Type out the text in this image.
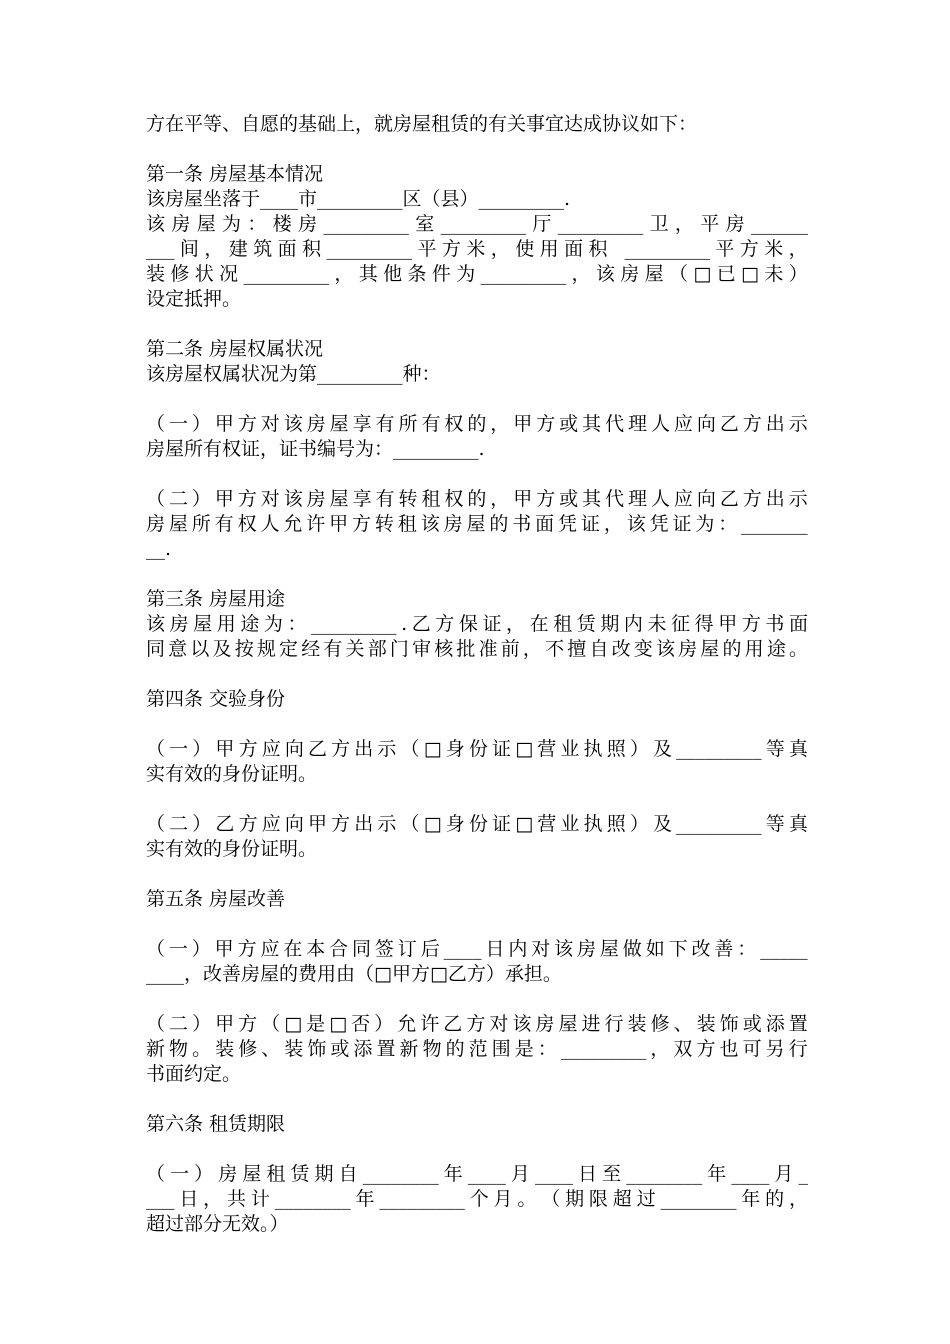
方在平等、自愿的基础上，就房屋租赁的有关事宜达成协议如下：
第一条 房屋基本情况
该房屋坐落于____市_________区（县）_________.
该 房 屋 为 ： 楼 房 _________ 室 _________ 厅 _________ 卫 ， 平 房 ______
___ 间 ， 建 筑 面 积 _________ 平 方 米 ， 使 用 面 积
_________ 平 方 米 ，
装 修 状 况 _________ ， 其 他 条 件 为 _________ ， 该 房 屋 （ □ 已 □ 未 ）
设定抵押。
第二条 房屋权属状况
该房屋权属状况为第_________种：
（ 一 ） 甲 方 对 该 房 屋 享 有 所 有 权 的 ， 甲 方 或 其 代 理 人 应 向 乙 方 出 示
房屋所有权证，证书编号为：_________.
（ 二 ） 甲 方 对 该 房 屋 享 有 转 租 权 的 ， 甲 方 或 其 代 理 人 应 向 乙 方 出 示
房 屋 所 有 权 人 允 许 甲 方 转 租 该 房 屋 的 书 面 凭 证 ， 该 凭 证 为 ： _______
__.
第三条 房屋用途
该 房 屋 用 途 为 ： _________ . 乙 方 保 证 ， 在 租 赁 期 内 未 征 得 甲 方 书 面
同 意 以 及 按 规 定 经 有 关 部 门 审 核 批 准 前 ， 不 擅 自 改 变 该 房 屋 的 用 途 。
第四条 交验身份
（ 一 ） 甲 方 应 向 乙 方 出 示 （ □ 身 份 证 □ 营 业 执 照 ） 及 _________ 等 真
实有效的身份证明。
（ 二 ） 乙 方 应 向 甲 方 出 示 （ □ 身 份 证 □ 营 业 执 照 ） 及 _________ 等 真
实有效的身份证明。
第五条 房屋改善
（ 一 ） 甲 方 应 在 本 合 同 签 订 后 ____ 日 内 对 该 房 屋 做 如 下 改 善 ： _____
____，改善房屋的费用由（□甲方□乙方）承担。
（ 二 ） 甲 方 （ □ 是 □ 否 ） 允 许 乙 方 对 该 房 屋 进 行 装 修 、 装 饰 或 添 置
新 物 。 装 修 、 装 饰 或 添 置 新 物 的 范 围 是 ： _________ ， 双 方 也 可 另 行
书面约定。
第六条 租赁期限
（ 一 ） 房 屋 租 赁 期 自 ________ 年 ____ 月 ____ 日 至 ________ 年 ____ 月 _
___ 日 ， 共 计 ________ 年 _________ 个 月 。 （ 期 限 超 过 ________ 年 的 ，
超过部分无效。）
